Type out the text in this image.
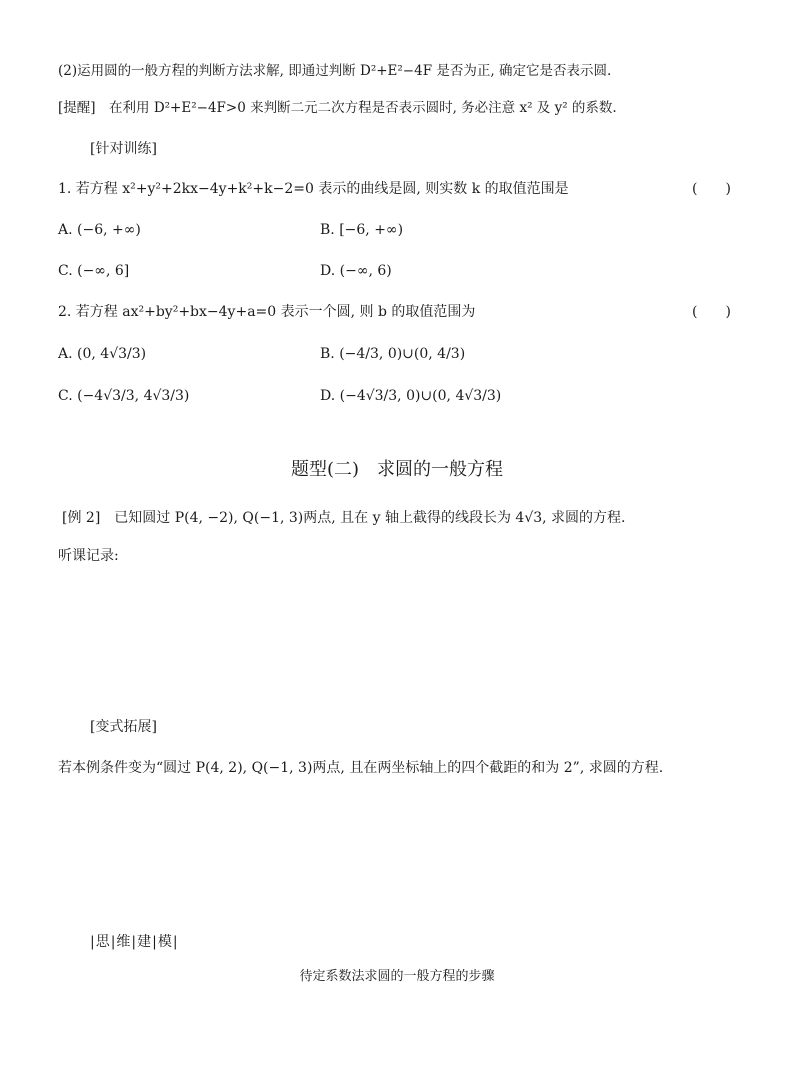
(2)运用圆的一般方程的判断方法求解, 即通过判断 D²+E²−4F 是否为正, 确定它是否表示圆.
[提醒]　在利用 D²+E²−4F>0 来判断二元二次方程是否表示圆时, 务必注意 x² 及 y² 的系数.
[针对训练]
1. 若方程 x²+y²+2kx−4y+k²+k−2=0 表示的曲线是圆, 则实数 k 的取值范围是	(　　)
A. (−6, +∞)	B. [−6, +∞)
C. (−∞, 6]	D. (−∞, 6)
2. 若方程 ax²+by²+bx−4y+a=0 表示一个圆, 则 b 的取值范围为	(　　)
A. (0, 4√3/3)	B. (−4/3, 0)∪(0, 4/3)
C. (−4√3/3, 4√3/3)	D. (−4√3/3, 0)∪(0, 4√3/3)
题型(二)　求圆的一般方程
[例 2]　已知圆过 P(4, −2), Q(−1, 3)两点, 且在 y 轴上截得的线段长为 4√3, 求圆的方程.
听课记录:
[变式拓展]
若本例条件变为“圆过 P(4, 2), Q(−1, 3)两点, 且在两坐标轴上的四个截距的和为 2”, 求圆的方程.
|思|维|建|模|
待定系数法求圆的一般方程的步骤
